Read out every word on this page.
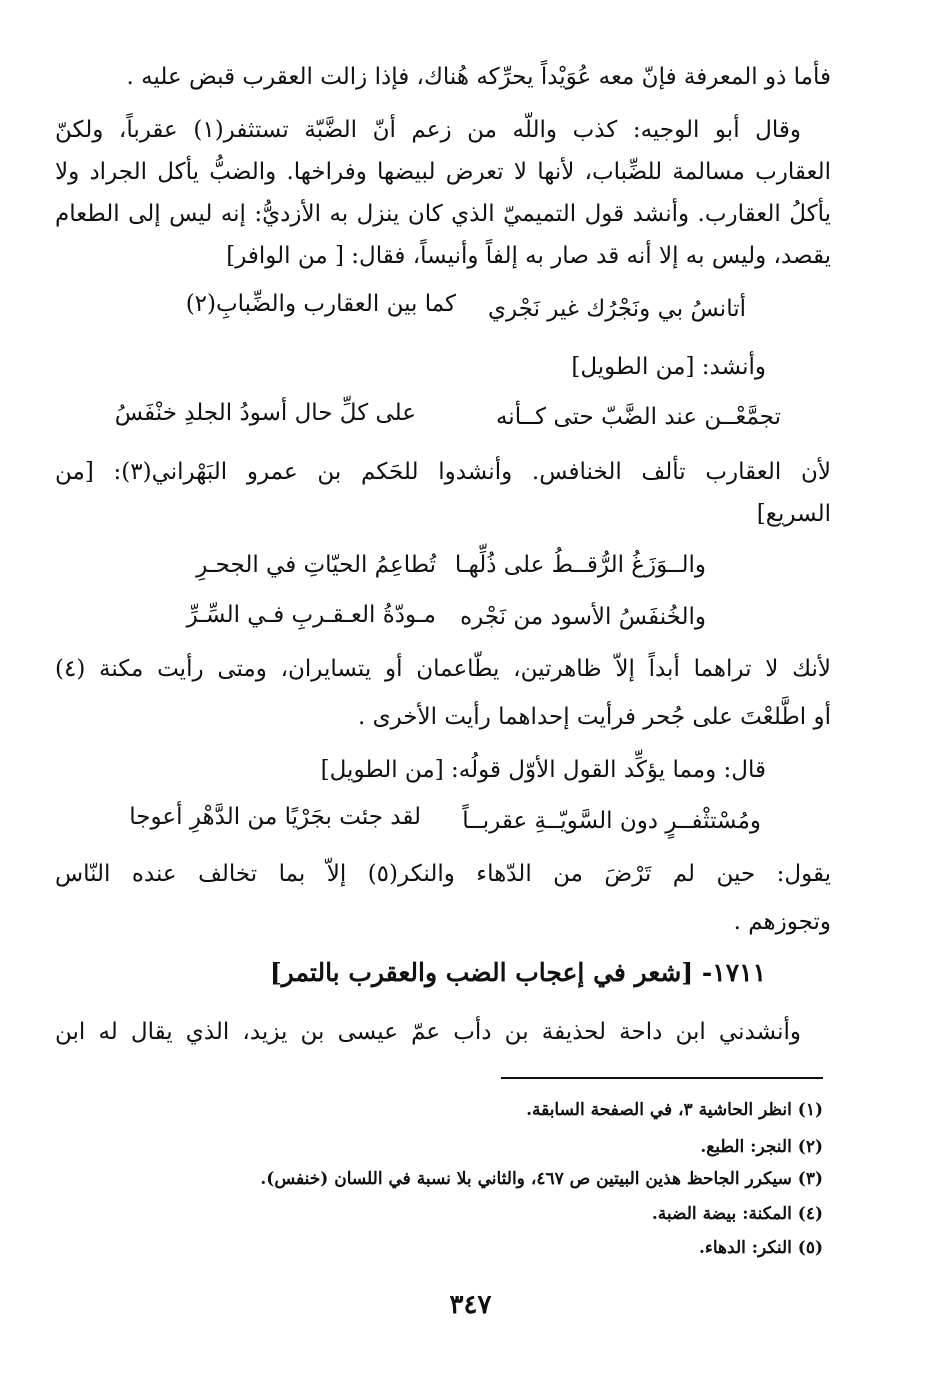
فأما ذو المعرفة فإنّ معه عُوَيْداً يحرِّكه هُناك، فإذا زالت العقرب قبض عليه .
وقال أبو الوجيه: كذب واللّه من زعم أنّ الضَّبّة تستثفر(١) عقرباً، ولكنّ
العقارب مسالمة للضِّباب، لأنها لا تعرض لبيضها وفراخها. والضبُّ يأكل الجراد ولا
يأكلُ العقارب. وأنشد قول التميميّ الذي كان ينزل به الأزديُّ: إنه ليس إلى الطعام
يقصد، وليس به إلا أنه قد صار به إلفاً وأنيساً، فقال: [ من الوافر]
أتانسُ بي ونَجْرُك غير نَجْري
كما بين العقارب والضِّبابِ(٢)
وأنشد: [من الطويل]
تجمَّعْــن عند الضَّبّ حتى كــأنه
على كلِّ حال أسودُ الجلدِ خنْفَسُ
لأن العقارب تألف الخنافس. وأنشدوا للحَكم بن عمرو البَهْراني(٣): [من
السريع]
والــوَزَغُ الرُّقــطُ على ذُلِّهـا
تُطاعِمُ الحيّاتِ في الجحـرِ
والخُنفَسُ الأسود من نَجْره
مـودّةُ العـقـربِ فـي السِّـرِّ
لأنك لا تراهما أبداً إلاّ ظاهرتين، يطّاعمان أو يتسايران، ومتى رأيت مكنة (٤)
أو اطَّلعْتَ على جُحر فرأيت إحداهما رأيت الأخرى .
قال: ومما يؤكِّد القول الأوّل قولُه: [من الطويل]
ومُسْتثْفــرٍ دون السَّويّــةِ عقربــاً
لقد جئت بجَرْيًا من الدَّهْرِ أعوجا
يقول: حين لم تَرْضَ من الدّهاء والنكر(٥) إلاّ بما تخالف عنده النّاس
وتجوزهم .
١٧١١- [شعر في إعجاب الضب والعقرب بالتمر]
وأنشدني ابن داحة لحذيفة بن دأب عمّ عيسى بن يزيد، الذي يقال له ابن
(١) انظر الحاشية ٣، في الصفحة السابقة.
(٢) النجر: الطبع.
(٣) سيكرر الجاحظ هذين البيتين ص ٤٦٧، والثاني بلا نسبة في اللسان (خنفس).
(٤) المكنة: بيضة الضبة.
(٥) النكر: الدهاء.
٣٤٧
